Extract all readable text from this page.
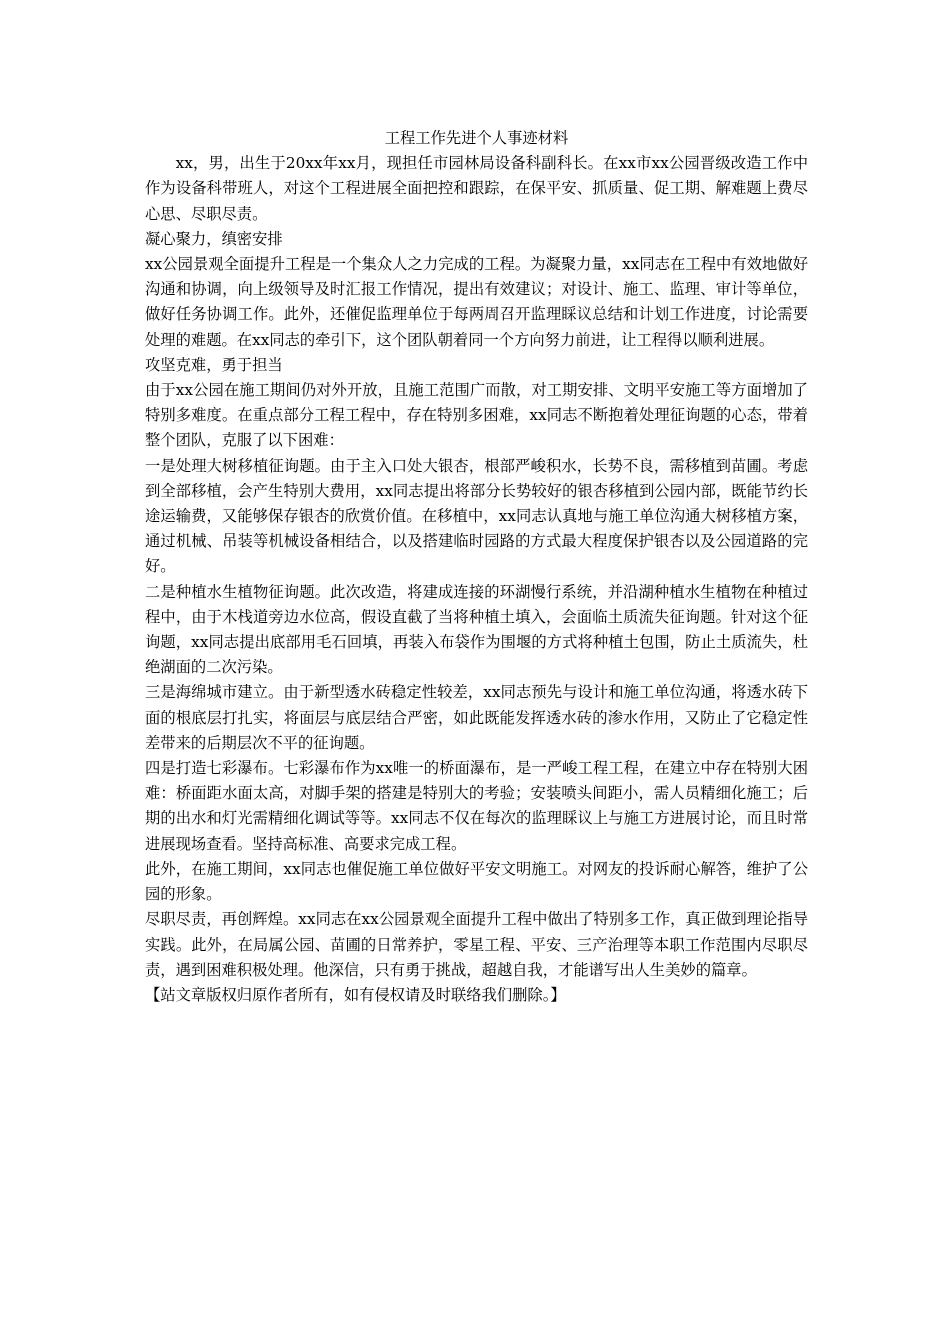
工程工作先进个人事迹材料

xx，男，出生于20xx年xx月，现担任市园林局设备科副科长。在xx市xx公园晋级改造工作中作为设备科带班人，对这个工程进展全面把控和跟踪，在保平安、抓质量、促工期、解难题上费尽心思、尽职尽责。

凝心聚力，缜密安排

xx公园景观全面提升工程是一个集众人之力完成的工程。为凝聚力量，xx同志在工程中有效地做好沟通和协调，向上级领导及时汇报工作情况，提出有效建议；对设计、施工、监理、审计等单位，做好任务协调工作。此外，还催促监理单位于每两周召开监理睬议总结和计划工作进度，讨论需要处理的难题。在xx同志的牵引下，这个团队朝着同一个方向努力前进，让工程得以顺利进展。

攻坚克难，勇于担当

由于xx公园在施工期间仍对外开放，且施工范围广而散，对工期安排、文明平安施工等方面增加了特别多难度。在重点部分工程工程中，存在特别多困难，xx同志不断抱着处理征询题的心态，带着整个团队，克服了以下困难：

一是处理大树移植征询题。由于主入口处大银杏，根部严峻积水，长势不良，需移植到苗圃。考虑到全部移植，会产生特别大费用，xx同志提出将部分长势较好的银杏移植到公园内部，既能节约长途运输费，又能够保存银杏的欣赏价值。在移植中，xx同志认真地与施工单位沟通大树移植方案，通过机械、吊装等机械设备相结合，以及搭建临时园路的方式最大程度保护银杏以及公园道路的完好。

二是种植水生植物征询题。此次改造，将建成连接的环湖慢行系统，并沿湖种植水生植物在种植过程中，由于木栈道旁边水位高，假设直截了当将种植土填入，会面临土质流失征询题。针对这个征询题，xx同志提出底部用毛石回填，再装入布袋作为围堰的方式将种植土包围，防止土质流失，杜绝湖面的二次污染。

三是海绵城市建立。由于新型透水砖稳定性较差，xx同志预先与设计和施工单位沟通，将透水砖下面的根底层打扎实，将面层与底层结合严密，如此既能发挥透水砖的渗水作用，又防止了它稳定性差带来的后期层次不平的征询题。

四是打造七彩瀑布。七彩瀑布作为xx唯一的桥面瀑布，是一严峻工程工程，在建立中存在特别大困难：桥面距水面太高，对脚手架的搭建是特别大的考验；安装喷头间距小，需人员精细化施工；后期的出水和灯光需精细化调试等等。xx同志不仅在每次的监理睬议上与施工方进展讨论，而且时常进展现场查看。坚持高标准、高要求完成工程。

此外，在施工期间，xx同志也催促施工单位做好平安文明施工。对网友的投诉耐心解答，维护了公园的形象。

尽职尽责，再创辉煌。xx同志在xx公园景观全面提升工程中做出了特别多工作，真正做到理论指导实践。此外，在局属公园、苗圃的日常养护，零星工程、平安、三产治理等本职工作范围内尽职尽责，遇到困难积极处理。他深信，只有勇于挑战，超越自我，才能谱写出人生美妙的篇章。

【站文章版权归原作者所有，如有侵权请及时联络我们删除。】
